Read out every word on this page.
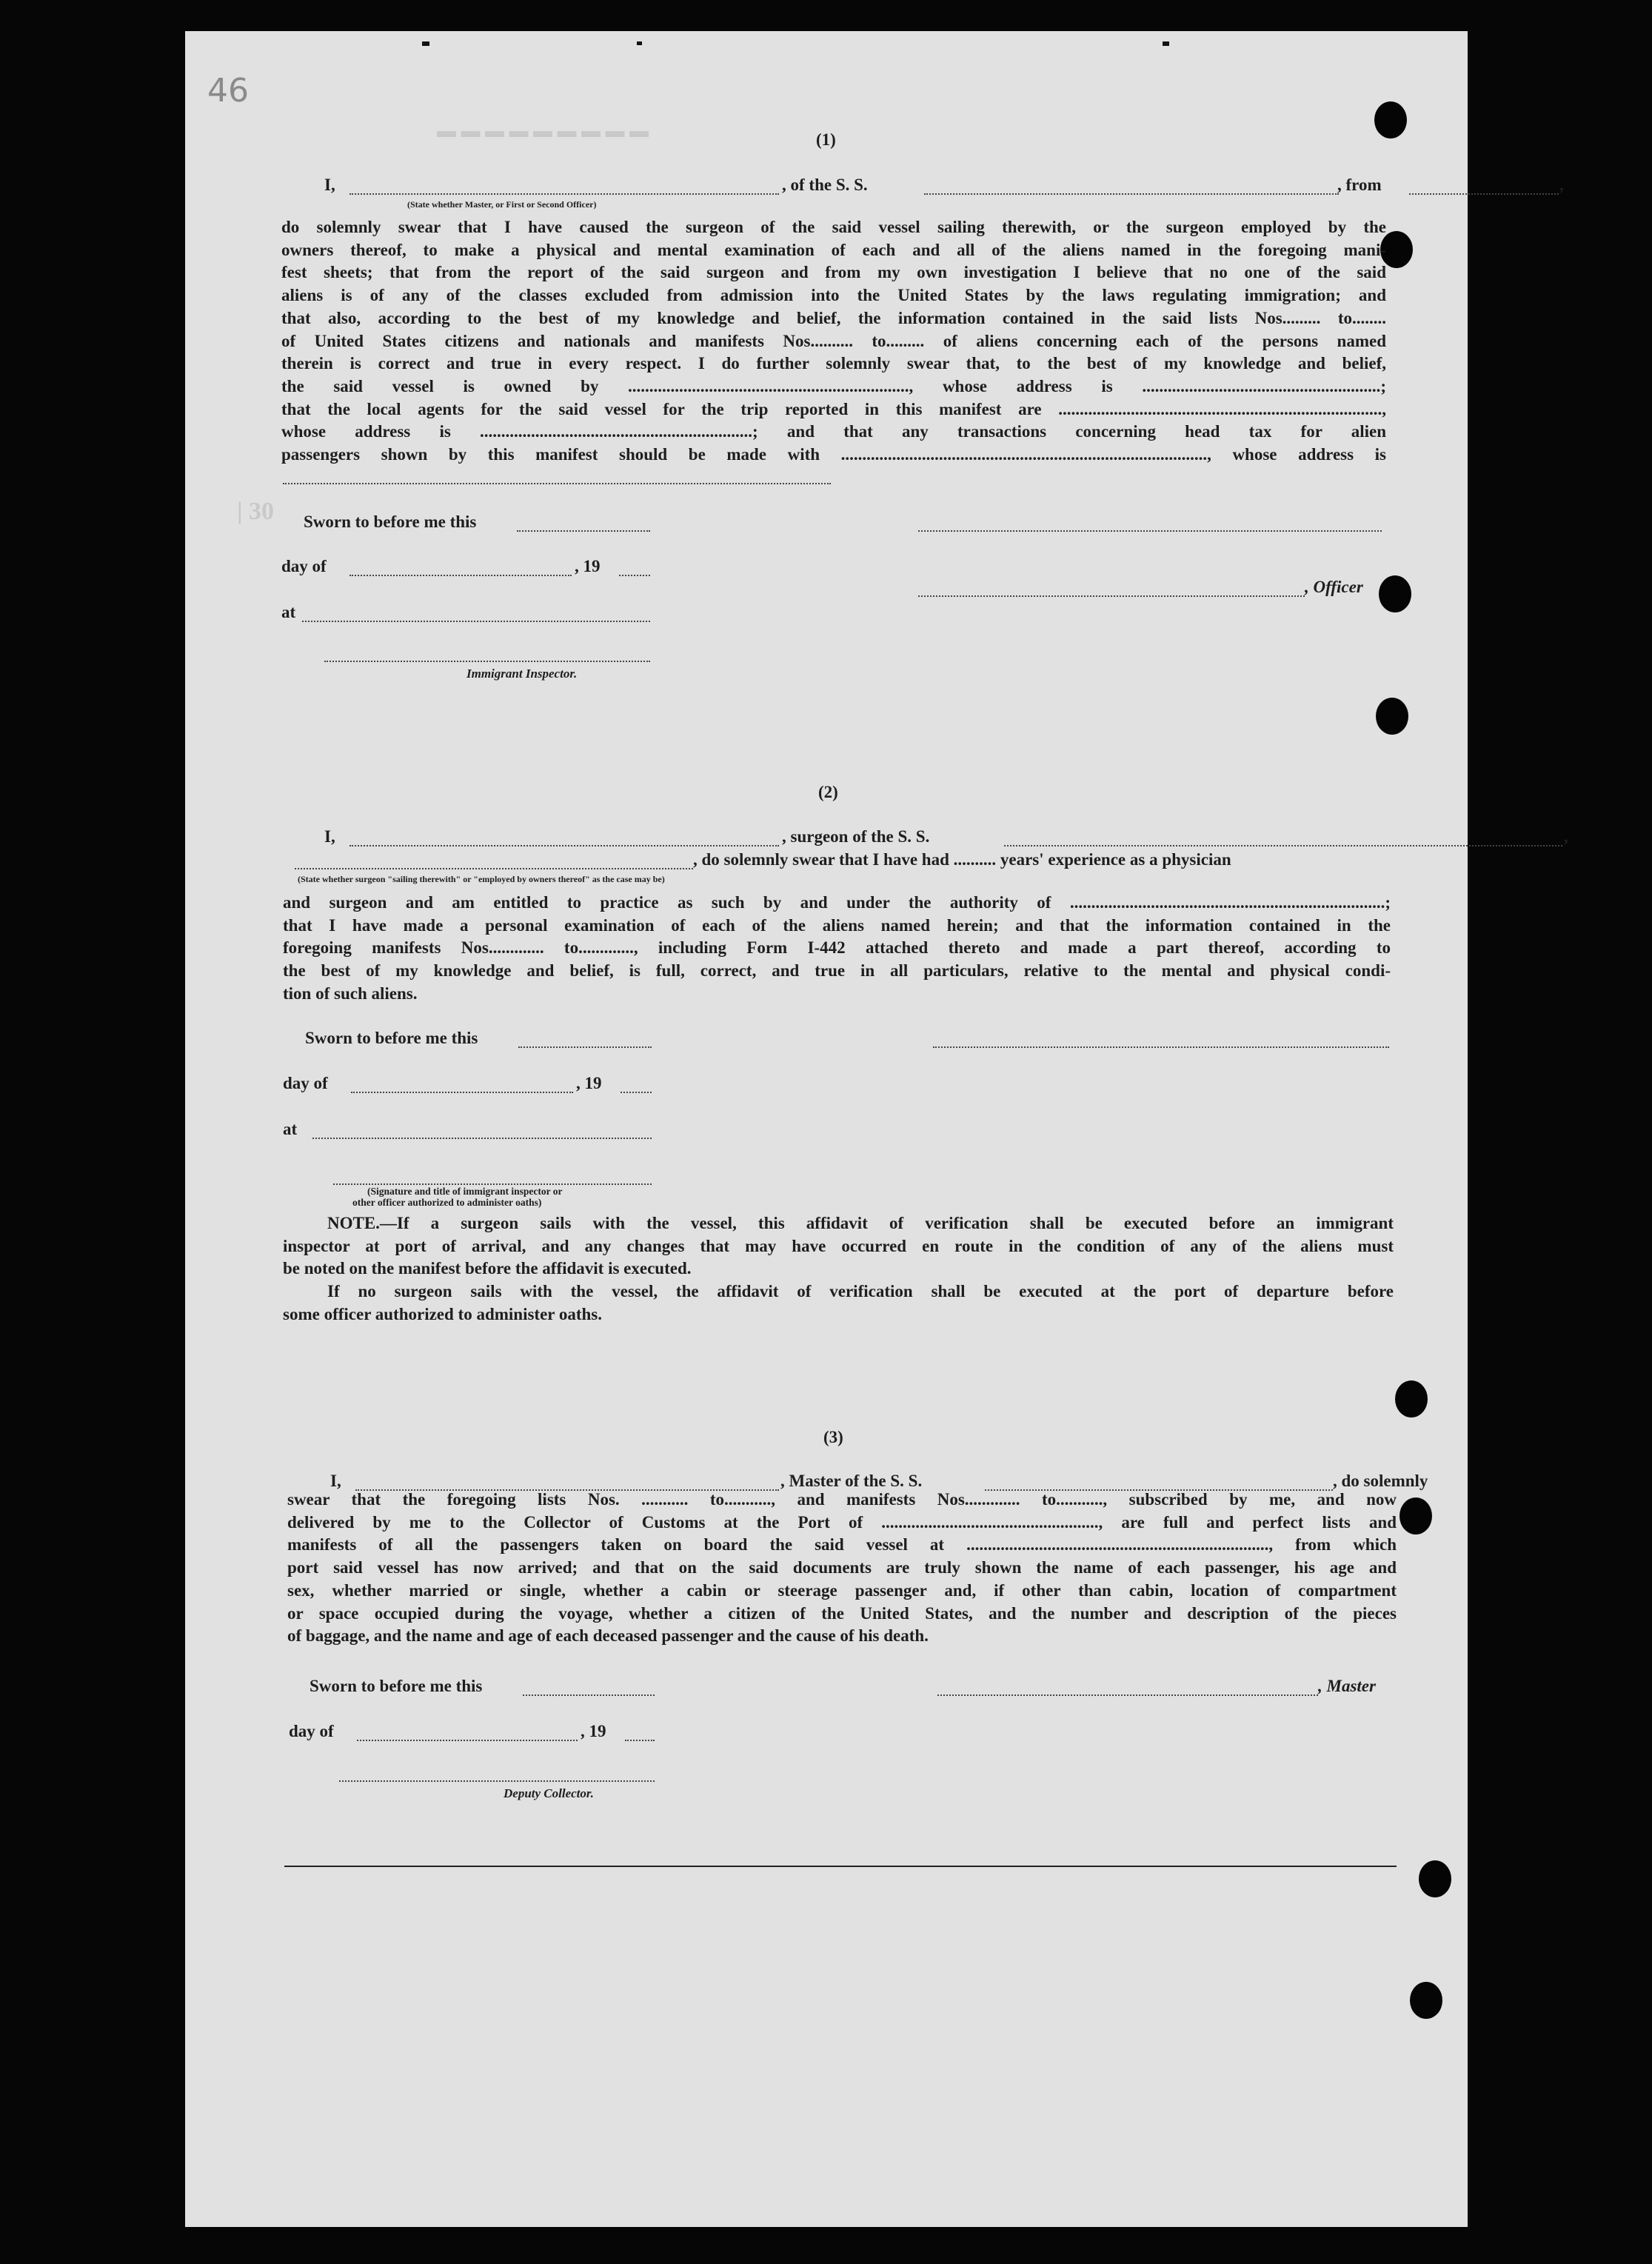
46
| 30
▬ ▬ ▬ ▬ ▬ ▬ ▬ ▬ ▬	(1)
I,	, of the S. S.	, from	,
(State whether Master, or First or Second Officer)

do solemnly swear that I have caused the surgeon of the said vessel sailing therewith, or the surgeon employed by the

owners thereof, to make a physical and mental examination of each and all of the aliens named in the foregoing mani-

fest sheets; that from the report of the said surgeon and from my own investigation I believe that no one of the said

aliens is of any of the classes excluded from admission into the United States by the laws regulating immigration; and

that also, according to the best of my knowledge and belief, the information contained in the said lists Nos......... to........

of United States citizens and nationals and manifests Nos.......... to......... of aliens concerning each of the persons named

therein is correct and true in every respect. I do further solemnly swear that, to the best of my knowledge and belief,

the said vessel is owned by .................................................................., whose address is ........................................................;

that the local agents for the said vessel for the trip reported in this manifest are ............................................................................,

whose address is ................................................................; and that any transactions concerning head tax for alien

passengers shown by this manifest should be made with ......................................................................................, whose address is

Sworn to before me this
day of	, 19
, Officer
at
Immigrant Inspector.
(2)
I,	, surgeon of the S. S.	,
, do solemnly swear that I have had .......... years' experience as a physician
(State whether surgeon "sailing therewith" or "employed by owners thereof" as the case may be)

and surgeon and am entitled to practice as such by and under the authority of ..........................................................................;

that I have made a personal examination of each of the aliens named herein; and that the information contained in the

foregoing manifests Nos............. to............., including Form I-442 attached thereto and made a part thereof, according to

the best of my knowledge and belief, is full, correct, and true in all particulars, relative to the mental and physical condi-

tion of such aliens.

Sworn to before me this
day of	, 19
at
(Signature and title of immigrant inspector or
other officer authorized to administer oaths)

NOTE.—If a surgeon sails with the vessel, this affidavit of verification shall be executed before an immigrant

inspector at port of arrival, and any changes that may have occurred en route in the condition of any of the aliens must

be noted on the manifest before the affidavit is executed.

If no surgeon sails with the vessel, the affidavit of verification shall be executed at the port of departure before

some officer authorized to administer oaths.

(3)
I,	, Master of the S. S.	, do solemnly

swear that the foregoing lists Nos. ........... to..........., and manifests Nos............. to..........., subscribed by me, and now

delivered by me to the Collector of Customs at the Port of ..................................................., are full and perfect lists and

manifests of all the passengers taken on board the said vessel at ......................................................................., from which

port said vessel has now arrived; and that on the said documents are truly shown the name of each passenger, his age and

sex, whether married or single, whether a cabin or steerage passenger and, if other than cabin, location of compartment

or space occupied during the voyage, whether a citizen of the United States, and the number and description of the pieces

of baggage, and the name and age of each deceased passenger and the cause of his death.

Sworn to before me this	, Master
day of	, 19
Deputy Collector.
